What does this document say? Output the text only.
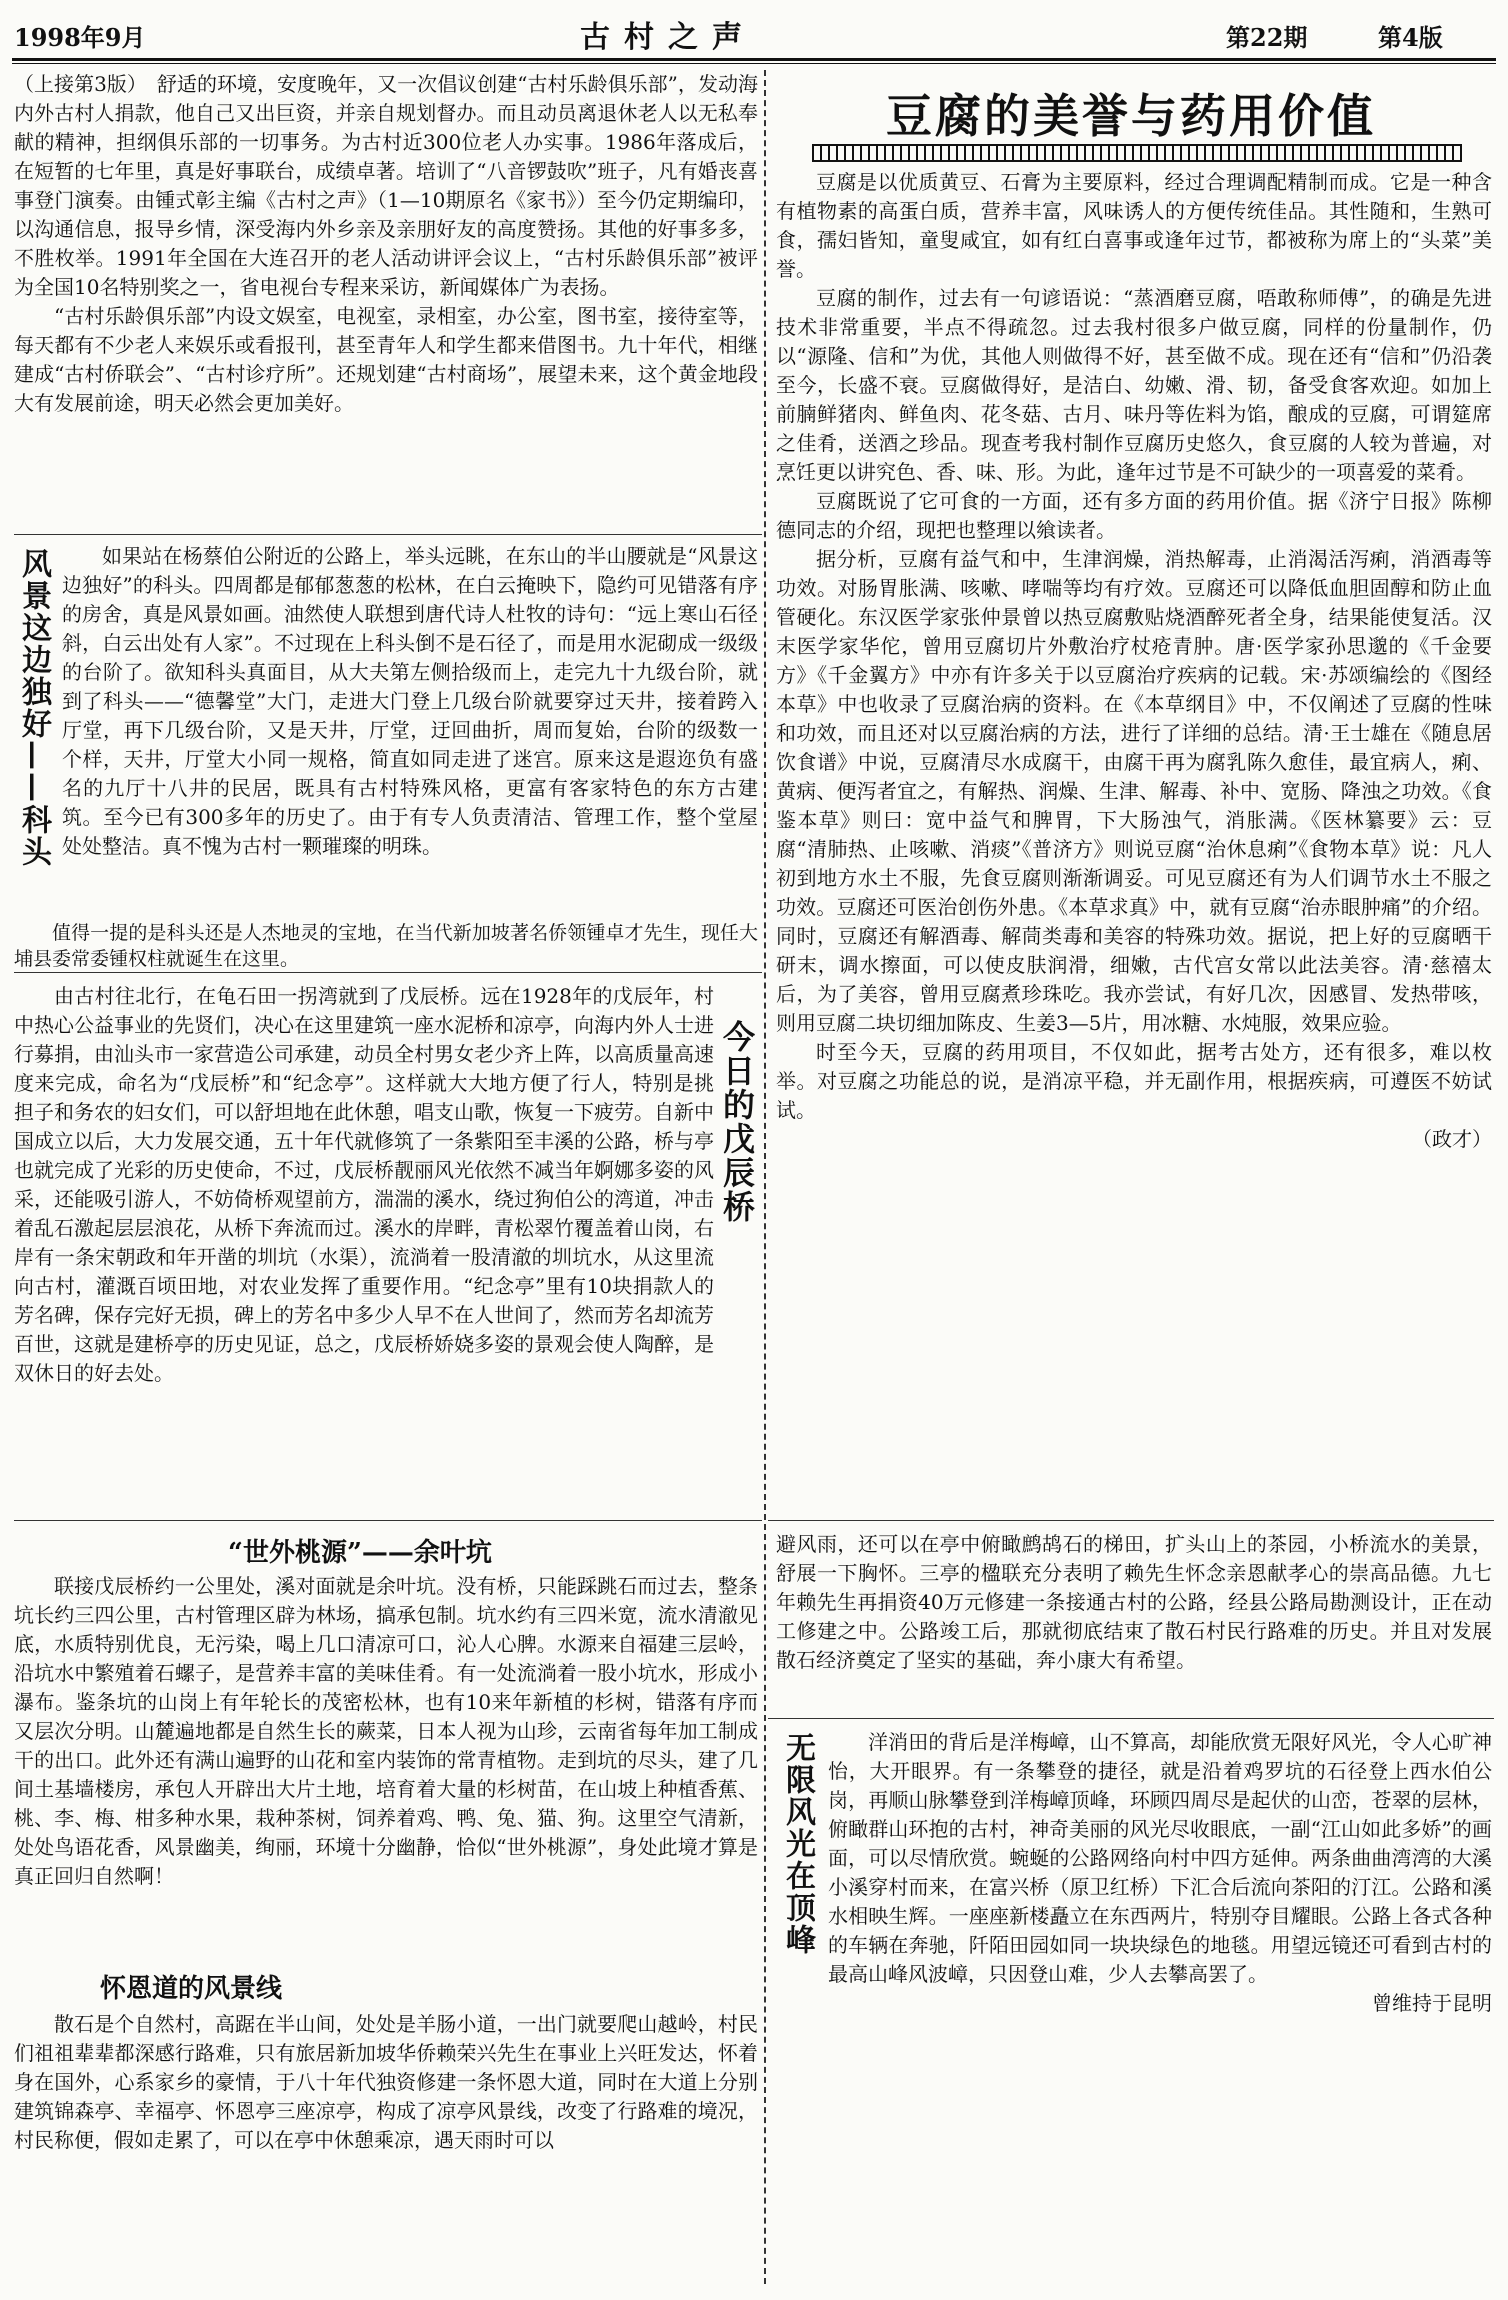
1998年9月	古村之声	第22期	第4版

（上接第3版）　 舒适的环境，安度晚年，又一次倡议创建“古村乐龄俱乐部”，发动海内外古村人捐款，他自己又出巨资，并亲自规划督办。而且动员离退休老人以无私奉献的精神，担纲俱乐部的一切事务。为古村近300位老人办实事。1986年落成后，在短暂的七年里，真是好事联台，成绩卓著。培训了“八音锣鼓吹”班子，凡有婚丧喜事登门演奏。由锺式彰主编《古村之声》（1—10期原名《家书》）至今仍定期编印，以沟通信息，报导乡情，深受海内外乡亲及亲朋好友的高度赞扬。其他的好事多多，不胜枚举。1991年全国在大连召开的老人活动讲评会议上，“古村乐龄俱乐部”被评为全国10名特别奖之一，省电视台专程来采访，新闻媒体广为表扬。

“古村乐龄俱乐部”内设文娱室，电视室，录相室，办公室，图书室，接待室等，每天都有不少老人来娱乐或看报刊，甚至青年人和学生都来借图书。九十年代，相继建成“古村侨联会”、“古村诊疗所”。还规划建“古村商场”，展望未来，这个黄金地段大有发展前途，明天必然会更加美好。

风景这边独好——科头	如果站在杨蔡伯公附近的公路上，举头远眺，在东山的半山腰就是“风景这边独好”的科头。四周都是郁郁葱葱的松林，在白云掩映下，隐约可见错落有序的房舍，真是风景如画。油然使人联想到唐代诗人杜牧的诗句：“远上寒山石径斜，白云出处有人家”。不过现在上科头倒不是石径了，而是用水泥砌成一级级的台阶了。欲知科头真面目，从大夫第左侧拾级而上，走完九十九级台阶，就到了科头——“德馨堂”大门，走进大门登上几级台阶就要穿过天井，接着跨入厅堂，再下几级台阶，又是天井，厅堂，迂回曲折，周而复始，台阶的级数一个样，天井，厅堂大小同一规格，简直如同走进了迷宫。原来这是遐迩负有盛名的九厅十八井的民居，既具有古村特殊风格，更富有客家特色的东方古建筑。至今已有300多年的历史了。由于有专人负责清洁、管理工作，整个堂屋处处整洁。真不愧为古村一颗璀璨的明珠。

值得一提的是科头还是人杰地灵的宝地，在当代新加坡著名侨领锺卓才先生，现任大埔县委常委锺权柱就诞生在这里。

由古村往北行，在龟石田一拐湾就到了戊辰桥。远在1928年的戊辰年，村中热心公益事业的先贤们，决心在这里建筑一座水泥桥和凉亭，向海内外人士进行募捐，由汕头市一家营造公司承建，动员全村男女老少齐上阵，以高质量高速度来完成，命名为“戊辰桥”和“纪念亭”。这样就大大地方便了行人，特别是挑担子和务农的妇女们，可以舒坦地在此休憩，唱支山歌，恢复一下疲劳。自新中国成立以后，大力发展交通，五十年代就修筑了一条紫阳至丰溪的公路，桥与亭也就完成了光彩的历史使命，不过，戊辰桥靓丽风光依然不减当年婀娜多姿的风采，还能吸引游人，不妨倚桥观望前方，湍湍的溪水，绕过狗伯公的湾道，冲击着乱石激起层层浪花，从桥下奔流而过。溪水的岸畔，青松翠竹覆盖着山岗，右岸有一条宋朝政和年开凿的圳坑（水渠），流淌着一股清澈的圳坑水，从这里流向古村，灌溉百顷田地，对农业发挥了重要作用。“纪念亭”里有10块捐款人的芳名碑，保存完好无损，碑上的芳名中多少人早不在人世间了，然而芳名却流芳百世，这就是建桥亭的历史见证，总之，戊辰桥娇娆多姿的景观会使人陶醉，是双休日的好去处。

今日的戊辰桥
“世外桃源”——余叶坑

联接戊辰桥约一公里处，溪对面就是余叶坑。没有桥，只能踩跳石而过去，整条坑长约三四公里，古村管理区辟为林场，搞承包制。坑水约有三四米宽，流水清澈见底，水质特别优良，无污染，喝上几口清凉可口，沁人心脾。水源来自福建三层岭，沿坑水中繁殖着石螺子，是营养丰富的美味佳肴。有一处流淌着一股小坑水，形成小瀑布。鉴条坑的山岗上有年轮长的茂密松林，也有10来年新植的杉树，错落有序而又层次分明。山麓遍地都是自然生长的蕨菜，日本人视为山珍，云南省每年加工制成干的出口。此外还有满山遍野的山花和室内装饰的常青植物。走到坑的尽头，建了几间土基墙楼房，承包人开辟出大片土地，培育着大量的杉树苗，在山坡上种植香蕉、桃、李、梅、柑多种水果，栽种茶树，饲养着鸡、鸭、兔、猫、狗。这里空气清新，处处鸟语花香，风景幽美，绚丽，环境十分幽静，恰似“世外桃源”，身处此境才算是真正回归自然啊！

怀恩道的风景线

散石是个自然村，高踞在半山间，处处是羊肠小道，一出门就要爬山越岭，村民们祖祖辈辈都深感行路难，只有旅居新加坡华侨赖荣兴先生在事业上兴旺发达，怀着身在国外，心系家乡的豪情，于八十年代独资修建一条怀恩大道，同时在大道上分别建筑锦森亭、幸福亭、怀恩亭三座凉亭，构成了凉亭风景线，改变了行路难的境况，村民称便，假如走累了，可以在亭中休憩乘凉，遇天雨时可以

豆腐的美誉与药用价值

豆腐是以优质黄豆、石膏为主要原料，经过合理调配精制而成。它是一种含有植物素的高蛋白质，营养丰富，风味诱人的方便传统佳品。其性随和，生熟可食，孺妇皆知，童叟咸宜，如有红白喜事或逢年过节，都被称为席上的“头菜”美誉。

豆腐的制作，过去有一句谚语说：“蒸酒磨豆腐，唔敢称师傅”，的确是先进技术非常重要，半点不得疏忽。过去我村很多户做豆腐，同样的份量制作，仍以“源隆、信和”为优，其他人则做得不好，甚至做不成。现在还有“信和”仍沿袭至今，长盛不衰。豆腐做得好，是洁白、幼嫩、滑、韧，备受食客欢迎。如加上前腩鲜猪肉、鲜鱼肉、花冬菇、古月、味丹等佐料为馅，酿成的豆腐，可谓筵席之佳肴，送酒之珍品。现查考我村制作豆腐历史悠久，食豆腐的人较为普遍，对烹饪更以讲究色、香、味、形。为此，逢年过节是不可缺少的一项喜爱的菜肴。

豆腐既说了它可食的一方面，还有多方面的药用价值。据《济宁日报》陈柳德同志的介绍，现把也整理以飨读者。

据分析，豆腐有益气和中，生津润燥，消热解毒，止消渴活泻痢，消酒毒等功效。对肠胃胀满、咳嗽、哮喘等均有疗效。豆腐还可以降低血胆固醇和防止血管硬化。东汉医学家张仲景曾以热豆腐敷贴烧酒醉死者全身，结果能使复活。汉末医学家华佗，曾用豆腐切片外敷治疗杖疮青肿。唐·医学家孙思邈的《千金要方》《千金翼方》中亦有许多关于以豆腐治疗疾病的记载。宋·苏颂编绘的《图经本草》中也收录了豆腐治病的资料。在《本草纲目》中，不仅阐述了豆腐的性味和功效，而且还对以豆腐治病的方法，进行了详细的总结。清·王士雄在《随息居饮食谱》中说，豆腐清尽水成腐干，由腐干再为腐乳陈久愈佳，最宜病人，痢、黄病、便泻者宜之，有解热、润燥、生津、解毒、补中、宽肠、降浊之功效。《食鉴本草》则曰：宽中益气和脾胃，下大肠浊气，消胀满。《医林纂要》云：豆腐“清肺热、止咳嗽、消痰”《普济方》则说豆腐“治休息痢”《食物本草》说：凡人初到地方水土不服，先食豆腐则渐渐调妥。可见豆腐还有为人们调节水土不服之功效。豆腐还可医治创伤外患。《本草求真》中，就有豆腐“治赤眼肿痛”的介绍。同时，豆腐还有解酒毒、解茼类毒和美容的特殊功效。据说，把上好的豆腐晒干研末，调水擦面，可以使皮肤润滑，细嫩，古代宫女常以此法美容。清·慈禧太后，为了美容，曾用豆腐煮珍珠吃。我亦尝试，有好几次，因感冒、发热带咳，则用豆腐二块切细加陈皮、生姜3—5片，用冰糖、水炖服，效果应验。

时至今天，豆腐的药用项目，不仅如此，据考古处方，还有很多，难以枚举。对豆腐之功能总的说，是消凉平稳，并无副作用，根据疾病，可遵医不妨试试。

（政才）

避风雨，还可以在亭中俯瞰鹧鸪石的梯田，扩头山上的茶园，小桥流水的美景，舒展一下胸怀。三亭的楹联充分表明了赖先生怀念亲恩献孝心的崇高品德。九七年赖先生再捐资40万元修建一条接通古村的公路，经县公路局勘测设计，正在动工修建之中。公路竣工后，那就彻底结束了散石村民行路难的历史。并且对发展散石经济奠定了坚实的基础，奔小康大有希望。

无限风光在顶峰	洋消田的背后是洋梅嶂，山不算高，却能欣赏无限好风光，令人心旷神怡，大开眼界。有一条攀登的捷径，就是沿着鸡罗坑的石径登上西水伯公岗，再顺山脉攀登到洋梅嶂顶峰，环顾四周尽是起伏的山峦，苍翠的层林，俯瞰群山环抱的古村，神奇美丽的风光尽收眼底，一副“江山如此多娇”的画面，可以尽情欣赏。蜿蜒的公路网络向村中四方延伸。两条曲曲湾湾的大溪小溪穿村而来，在富兴桥（原卫红桥）下汇合后流向茶阳的汀江。公路和溪水相映生辉。一座座新楼矗立在东西两片，特别夺目耀眼。公路上各式各种的车辆在奔驰，阡陌田园如同一块块绿色的地毯。用望远镜还可看到古村的最高山峰风波嶂，只因登山难，少人去攀高罢了。

曾维持于昆明
